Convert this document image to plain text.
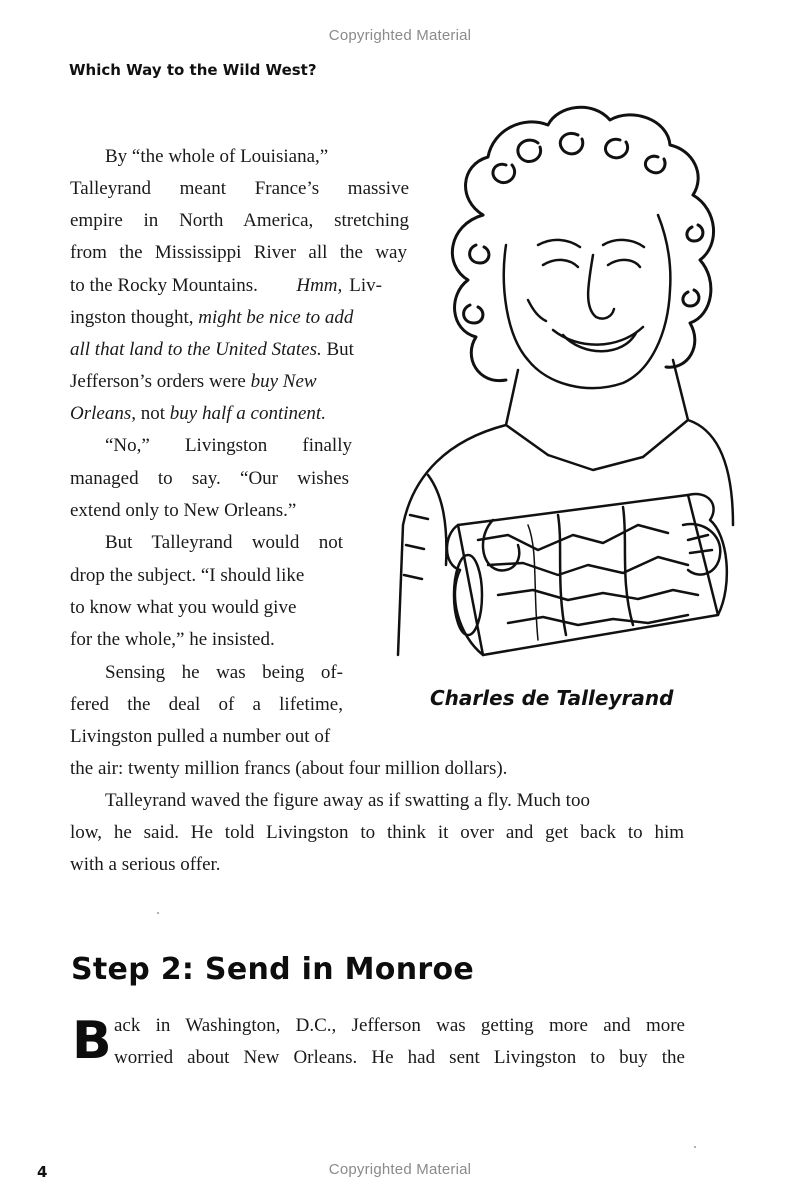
Copyrighted Material
Which Way to the Wild West?
Charles de Talleyrand
By “the whole of Louisiana,”
Talleyrand meant France’s massive
empire in North America, stretching
from the Mississippi River all the way
to the Rocky Mountains. Hmm, Liv-
ingston thought, might be nice to add
all that land to the United States. But
Jefferson’s orders were buy New
Orleans, not buy half a continent.
“No,” Livingston finally
managed to say. “Our wishes
extend only to New Orleans.”
But Talleyrand would not
drop the subject. “I should like
to know what you would give
for the whole,” he insisted.
Sensing he was being of-
fered the deal of a lifetime,
Livingston pulled a number out of
the air: twenty million francs (about four million dollars).
Talleyrand waved the figure away as if swatting a fly. Much too
low, he said. He told Livingston to think it over and get back to him
with a serious offer.
Step 2: Send in Monroe
B ack in Washington, D.C., Jefferson was getting more and more
worried about New Orleans. He had sent Livingston to buy the
4	Copyrighted Material
